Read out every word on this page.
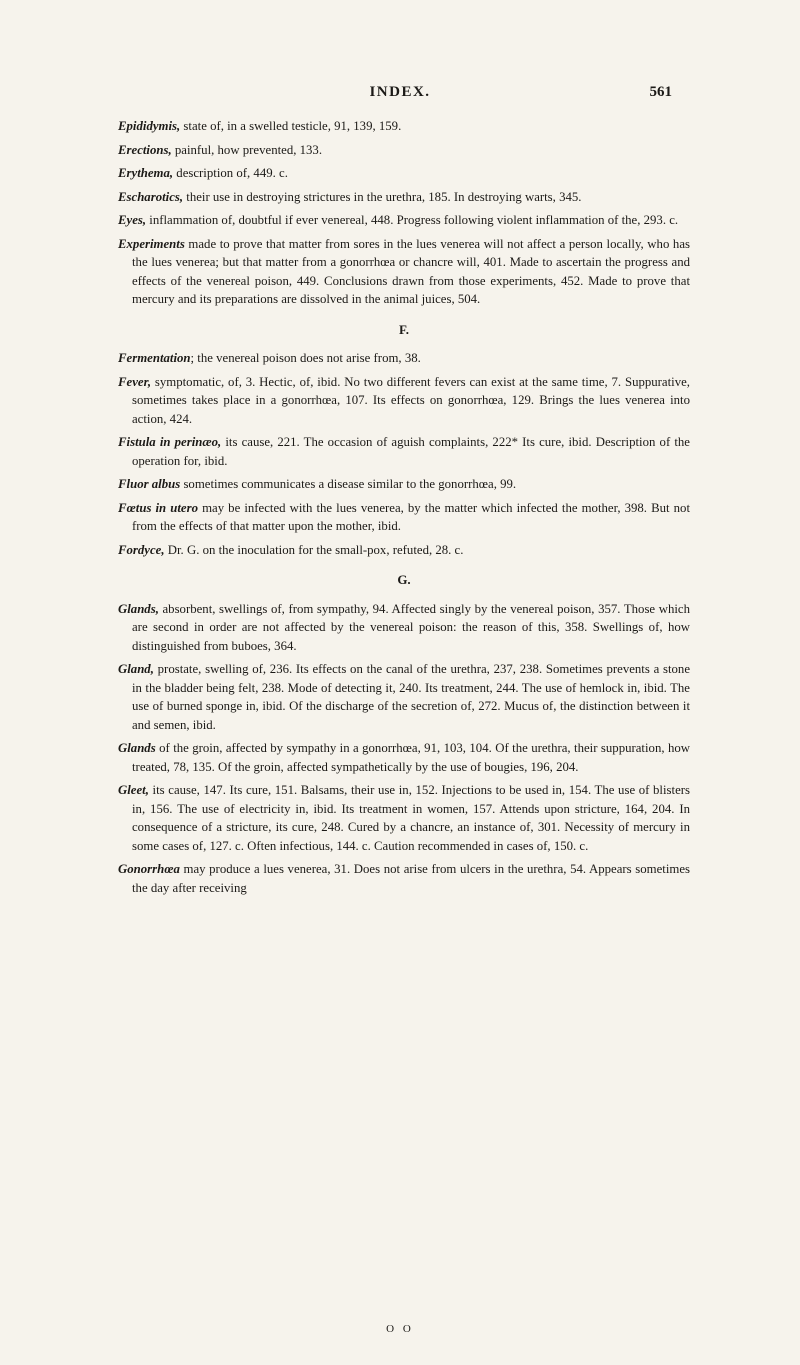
INDEX.	561

Epididymis, state of, in a swelled testicle, 91, 139, 159.

Erections, painful, how prevented, 133.

Erythema, description of, 449. c.

Escharotics, their use in destroying strictures in the urethra, 185. In destroying warts, 345.

Eyes, inflammation of, doubtful if ever venereal, 448. Progress following violent inflammation of the, 293. c.

Experiments made to prove that matter from sores in the lues venerea will not affect a person locally, who has the lues venerea; but that matter from a gonorrhœa or chancre will, 401. Made to ascertain the progress and effects of the venereal poison, 449. Conclusions drawn from those experiments, 452. Made to prove that mercury and its preparations are dissolved in the animal juices, 504.

F.

Fermentation; the venereal poison does not arise from, 38.

Fever, symptomatic, of, 3. Hectic, of, ibid. No two different fevers can exist at the same time, 7. Suppurative, sometimes takes place in a gonorrhœa, 107. Its effects on gonorrhœa, 129. Brings the lues venerea into action, 424.

Fistula in perinæo, its cause, 221. The occasion of aguish complaints, 222* Its cure, ibid. Description of the operation for, ibid.

Fluor albus sometimes communicates a disease similar to the gonorrhœa, 99.

Fœtus in utero may be infected with the lues venerea, by the matter which infected the mother, 398. But not from the effects of that matter upon the mother, ibid.

Fordyce, Dr. G. on the inoculation for the small-pox, refuted, 28. c.

G.

Glands, absorbent, swellings of, from sympathy, 94. Affected singly by the venereal poison, 357. Those which are second in order are not affected by the venereal poison: the reason of this, 358. Swellings of, how distinguished from buboes, 364.

Gland, prostate, swelling of, 236. Its effects on the canal of the urethra, 237, 238. Sometimes prevents a stone in the bladder being felt, 238. Mode of detecting it, 240. Its treatment, 244. The use of hemlock in, ibid. The use of burned sponge in, ibid. Of the discharge of the secretion of, 272. Mucus of, the distinction between it and semen, ibid.

Glands of the groin, affected by sympathy in a gonorrhœa, 91, 103, 104. Of the urethra, their suppuration, how treated, 78, 135. Of the groin, affected sympathetically by the use of bougies, 196, 204.

Gleet, its cause, 147. Its cure, 151. Balsams, their use in, 152. Injections to be used in, 154. The use of blisters in, 156. The use of electricity in, ibid. Its treatment in women, 157. Attends upon stricture, 164, 204. In consequence of a stricture, its cure, 248. Cured by a chancre, an instance of, 301. Necessity of mercury in some cases of, 127. c. Often infectious, 144. c. Caution recommended in cases of, 150. c.

Gonorrhœa may produce a lues venerea, 31. Does not arise from ulcers in the urethra, 54. Appears sometimes the day after receiving

O O
